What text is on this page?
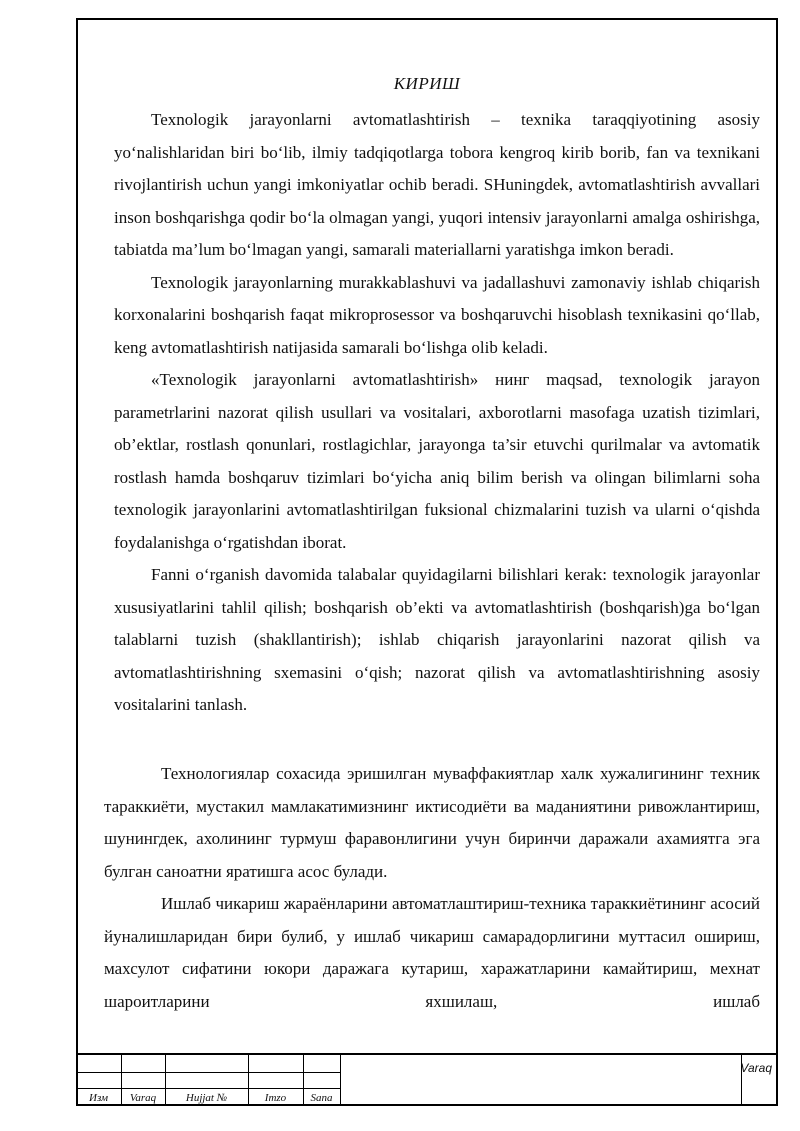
КИРИШ

Texnologik jarayonlarni avtomatlashtirish – texnika taraqqiyotining asosiy yo‘nalishlaridan biri bo‘lib, ilmiy tadqiqotlarga tobora kengroq kirib borib, fan va texnikani rivojlantirish uchun yangi imkoniyatlar ochib beradi. SHuningdek, avtomatlashtirish avvallari inson boshqarishga qodir bo‘la olmagan yangi, yuqori intensiv jarayonlarni amalga oshirishga, tabiatda ma’lum bo‘lmagan yangi, samarali materiallarni yaratishga imkon beradi.

Texnologik jarayonlarning murakkablashuvi va jadallashuvi zamonaviy ishlab chiqarish korxonalarini boshqarish faqat mikroprosessor va boshqaruvchi hisoblash texnikasini qo‘llab, keng avtomatlashtirish natijasida samarali bo‘lishga olib keladi.

«Texnologik jarayonlarni avtomatlashtirish» нинг maqsad, texnologik jarayon parametrlarini nazorat qilish usullari va vositalari, axborotlarni masofaga uzatish tizimlari, ob’ektlar, rostlash qonunlari, rostlagichlar, jarayonga ta’sir etuvchi qurilmalar va avtomatik rostlash hamda boshqaruv tizimlari bo‘yicha aniq bilim berish va olingan bilimlarni soha texnologik jarayonlarini avtomatlashtirilgan fuksional chizmalarini tuzish va ularni o‘qishda foydalanishga o‘rgatishdan iborat.

Fanni o‘rganish davomida talabalar quyidagilarni bilishlari kerak: texnologik jarayonlar xususiyatlarini tahlil qilish; boshqarish ob’ekti va avtomatlashtirish (boshqarish)ga bo‘lgan talablarni tuzish (shakllantirish); ishlab chiqarish jarayonlarini nazorat qilish va avtomatlashtirishning sxemasini o‘qish; nazorat qilish va avtomatlashtirishning asosiy vositalarini tanlash.

Технологиялар сохасида эришилган муваффакиятлар халк хужалигининг техник тараккиёти, мустакил мамлакатимизнинг иктисодиёти ва маданиятини ривожлантириш, шунингдек, ахолининг турмуш фаравонлигини учун биринчи даражали ахамиятга эга булган саноатни яратишга асос булади.

Ишлаб чикариш жараёнларини автоматлаштириш-техника тараккиётининг асосий йуналишларидан бири булиб, у ишлаб чикариш самарадорлигини муттасил ошириш, махсулот сифатини юкори даражага кутариш, харажатларини камайтириш, мехнат шароитларини яхшилаш, ишлаб

Изм	Varaq	Hujjat №	Imzo	Sana
Varaq
